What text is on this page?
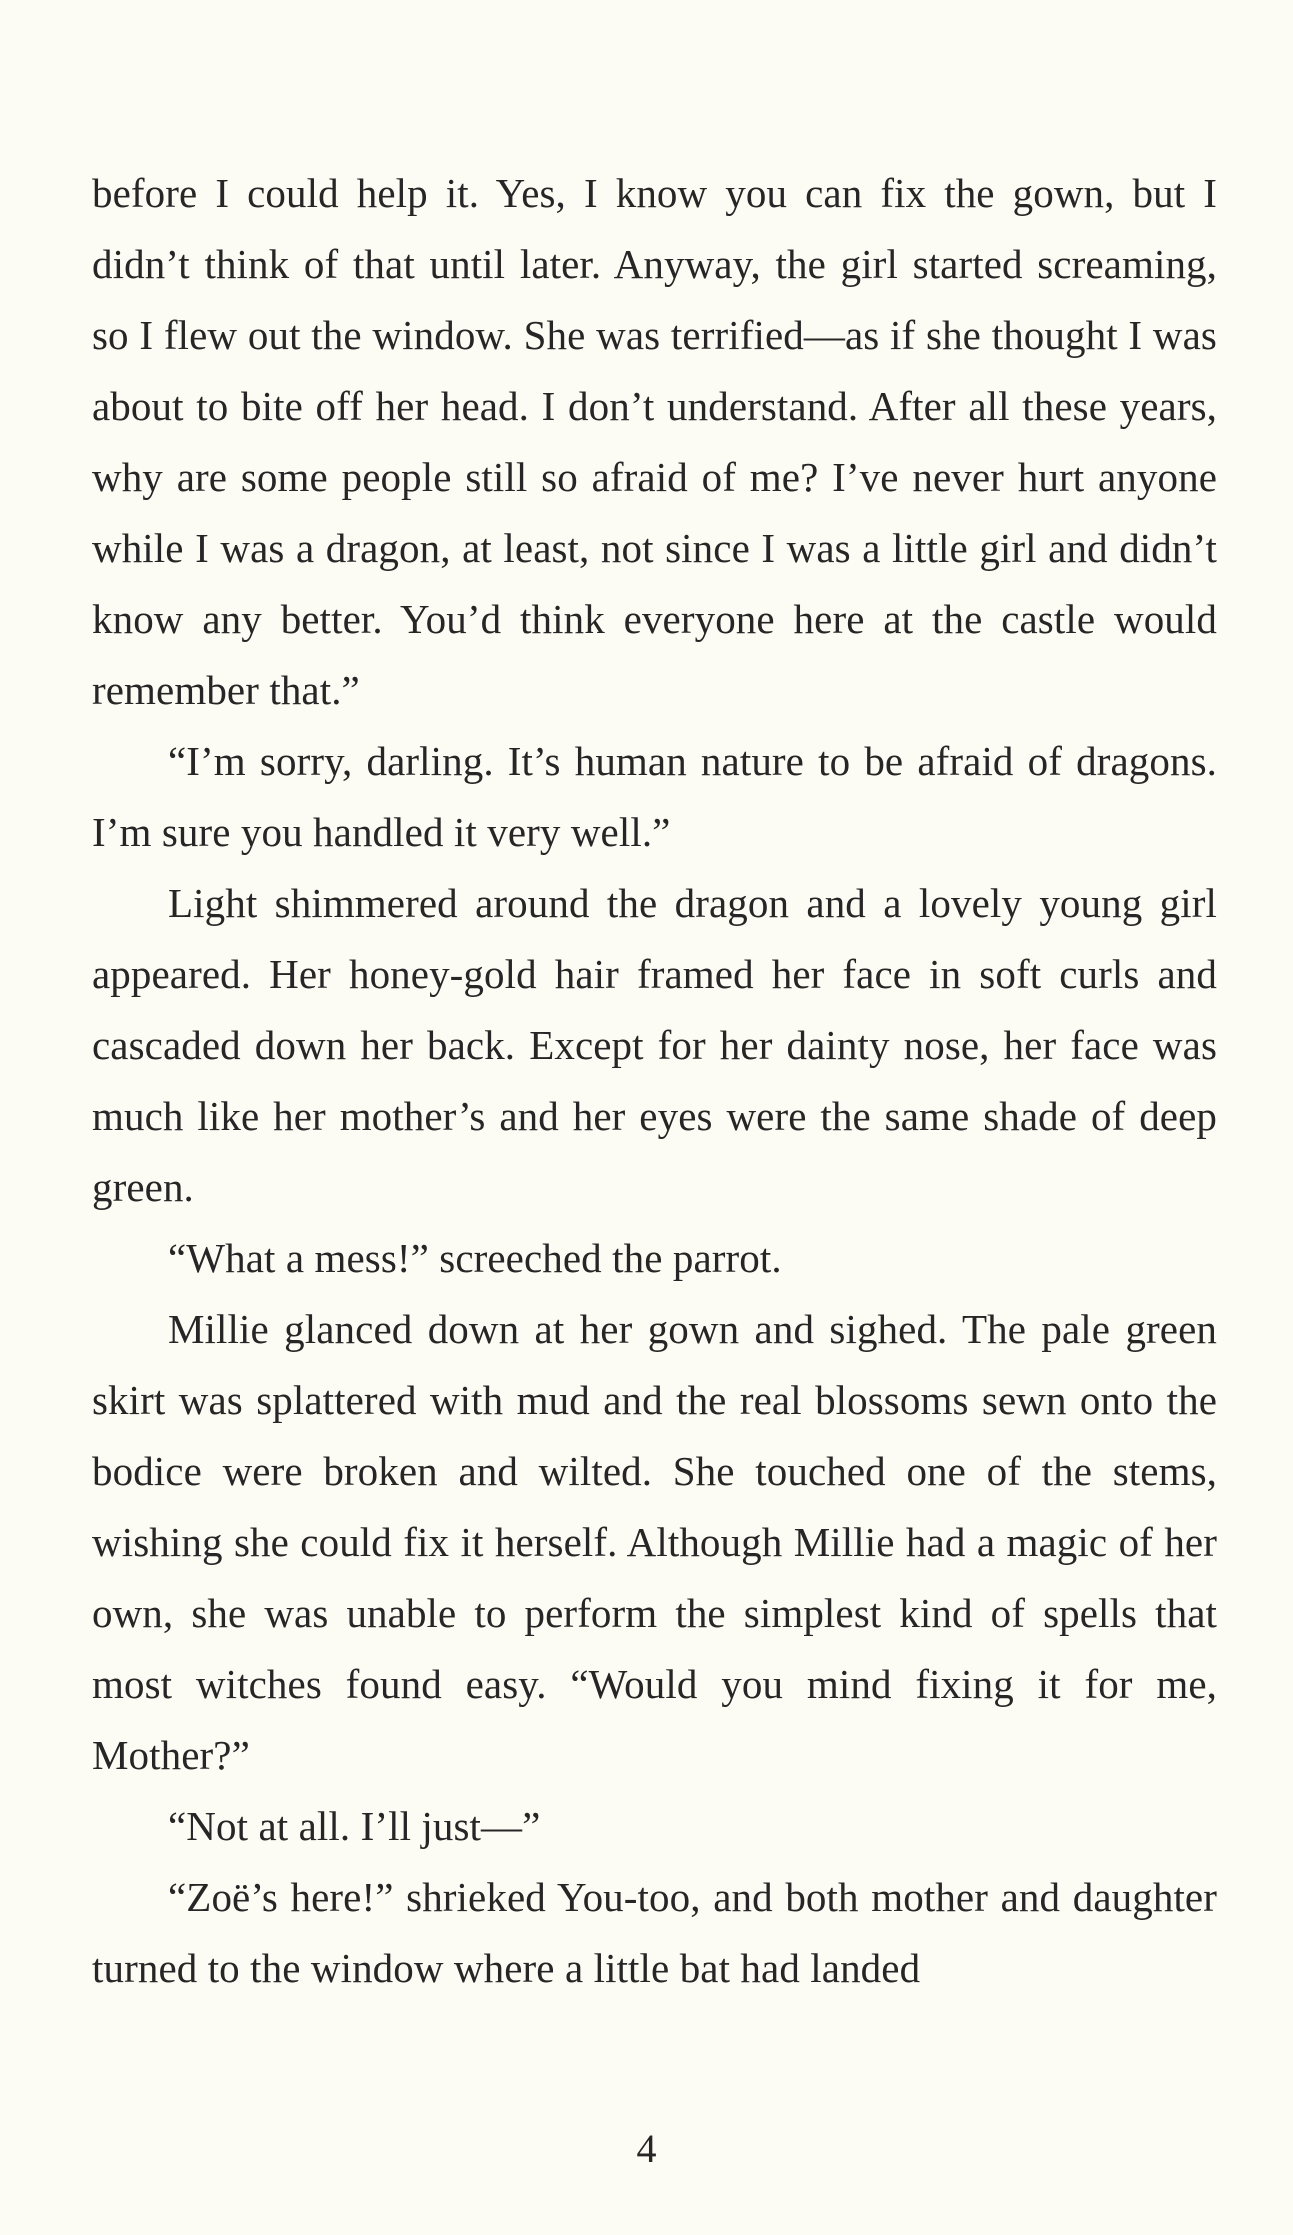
before I could help it. Yes, I know you can fix the gown, but I didn’t think of that until later. Anyway, the girl started screaming, so I flew out the window. She was terrified—as if she thought I was about to bite off her head. I don’t understand. After all these years, why are some people still so afraid of me? I’ve never hurt anyone while I was a dragon, at least, not since I was a little girl and didn’t know any better. You’d think everyone here at the castle would remember that.”

“I’m sorry, darling. It’s human nature to be afraid of dragons. I’m sure you handled it very well.”

Light shimmered around the dragon and a lovely young girl appeared. Her honey-gold hair framed her face in soft curls and cascaded down her back. Except for her dainty nose, her face was much like her mother’s and her eyes were the same shade of deep green.

“What a mess!” screeched the parrot.

Millie glanced down at her gown and sighed. The pale green skirt was splattered with mud and the real blossoms sewn onto the bodice were broken and wilted. She touched one of the stems, wishing she could fix it herself. Although Millie had a magic of her own, she was unable to perform the simplest kind of spells that most witches found easy. “Would you mind fixing it for me, Mother?”

“Not at all. I’ll just—”

“Zoë’s here!” shrieked You-too, and both mother and daughter turned to the window where a little bat had landed

4
